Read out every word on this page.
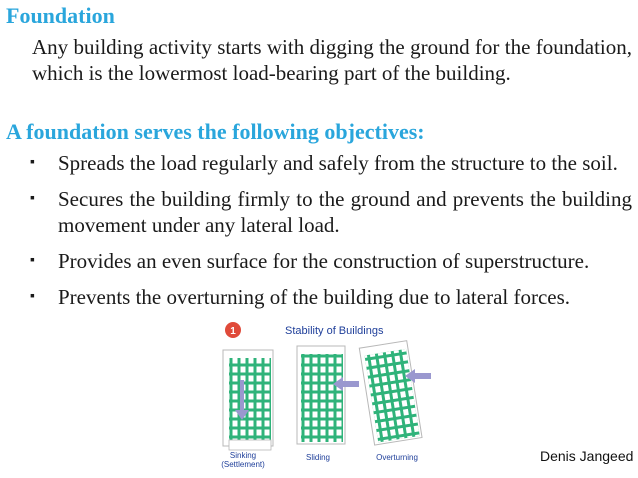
Foundation
Any building activity starts with digging the ground for the foundation, which is the lowermost load-bearing part of the building.
A foundation serves the following objectives:
▪ Spreads the load regularly and safely from the structure to the soil.
▪ Secures the building firmly to the ground and prevents the building movement under any lateral load.
▪ Provides an even surface for the construction of superstructure.
▪ Prevents the overturning of the building due to lateral forces.
1	Stability of Buildings
Sinking
(Settlement)
Sliding	Overturning	Denis Jangeed
